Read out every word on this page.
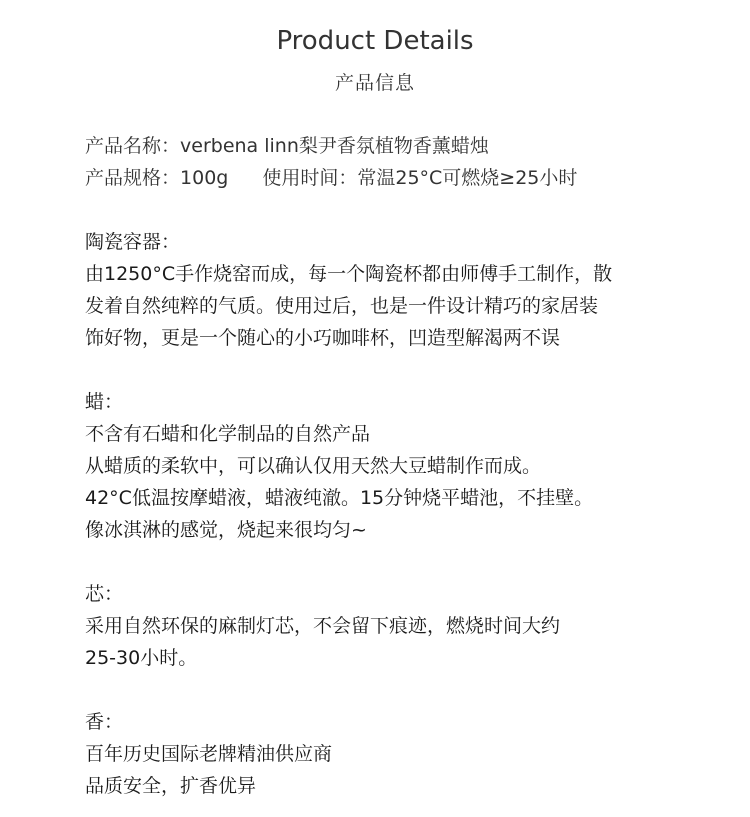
Product Details
产品信息
产品名称：verbena linn梨尹香氛植物香薰蜡烛
产品规格：100g 使用时间：常温25°C可燃烧≥25小时
陶瓷容器：
由1250°C手作烧窑而成，每一个陶瓷杯都由师傅手工制作，散
发着自然纯粹的气质。使用过后，也是一件设计精巧的家居装
饰好物，更是一个随心的小巧咖啡杯，凹造型解渴两不误
蜡：
不含有石蜡和化学制品的自然产品
从蜡质的柔软中，可以确认仅用天然大豆蜡制作而成。
42°C低温按摩蜡液，蜡液纯澈。15分钟烧平蜡池，不挂壁。
像冰淇淋的感觉，烧起来很均匀~
芯：
采用自然环保的麻制灯芯，不会留下痕迹，燃烧时间大约
25-30小时。
香：
百年历史国际老牌精油供应商
品质安全，扩香优异
